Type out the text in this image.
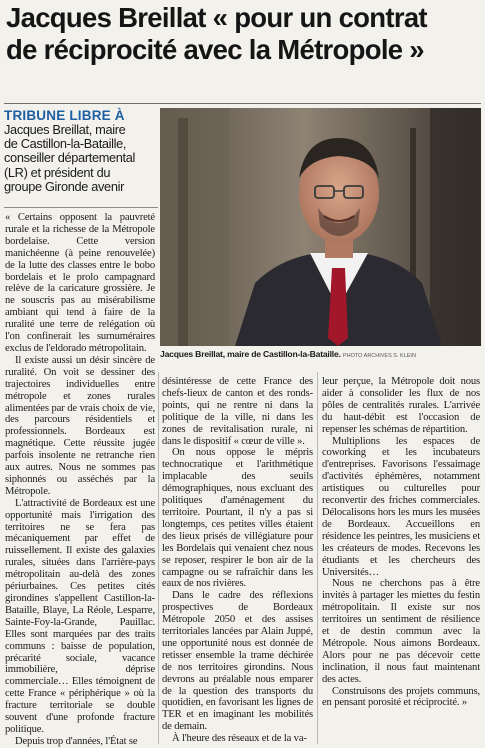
Jacques Breillat « pour un contrat
de réciprocité avec la Métropole »
TRIBUNE LIBRE À
Jacques Breillat, maire
de Castillon-la-Bataille,
conseiller départemental
(LR) et président du
groupe Gironde avenir
Jacques Breillat, maire de Castillon-la-Bataille. PHOTO ARCHIVES S. KLEIN

« Certains opposent la pauvreté rurale et la richesse de la Métropole bordelaise. Cette version manichéenne (à peine renouvelée) de la lutte des classes entre le bobo bordelais et le prolo campagnard relève de la caricature grossière. Je ne souscris pas au misérabilisme ambiant qui tend à faire de la ruralité une terre de relégation où l'on confinerait les surnuméraires exclus de l'eldorado métropolitain.

Il existe aussi un désir sincère de ruralité. On voit se dessiner des trajectoires individuelles entre métropole et zones rurales alimentées par de vrais choix de vie, des parcours résidentiels et professionnels. Bordeaux est magnétique. Cette réussite jugée parfois insolente ne retranche rien aux autres. Nous ne sommes pas siphonnés ou asséchés par la Métropole.

L'attractivité de Bordeaux est une opportunité mais l'irrigation des territoires ne se fera pas mécaniquement par effet de ruissellement. Il existe des galaxies rurales, situées dans l'arrière-pays métropolitain au-delà des zones périurbaines. Ces petites cités girondines s'appellent Castillon-la-Bataille, Blaye, La Réole, Lesparre, Sainte-Foy-la-Grande, Pauillac. Elles sont marquées par des traits communs : baisse de population, précarité sociale, vacance immobilière, déprise commerciale… Elles témoignent de cette France « périphérique » où la fracture territoriale se double souvent d'une profonde fracture politique.

Depuis trop d'années, l'État se

désintéresse de cette France des chefs-lieux de canton et des ronds-points, qui ne rentre ni dans la politique de la ville, ni dans les zones de revitalisation rurale, ni dans le dispositif « cœur de ville ».

On nous oppose le mépris technocratique et l'arithmétique implacable des seuils démographiques, nous excluant des politiques d'aménagement du territoire. Pourtant, il n'y a pas si longtemps, ces petites villes étaient des lieux prisés de villégiature pour les Bordelais qui venaient chez nous se reposer, respirer le bon air de la campagne ou se rafraîchir dans les eaux de nos rivières.

Dans le cadre des réflexions prospectives de Bordeaux Métropole 2050 et des assises territoriales lancées par Alain Juppé, une opportunité nous est donnée de retisser ensemble la trame déchirée de nos territoires girondins. Nous devrons au préalable nous emparer de la question des transports du quotidien, en favorisant les lignes de TER et en imaginant les mobilités de demain.

À l'heure des réseaux et de la va-

leur perçue, la Métropole doit nous aider à consolider les flux de nos pôles de centralités rurales. L'arrivée du haut-débit est l'occasion de repenser les schémas de répartition.

Multiplions les espaces de coworking et les incubateurs d'entreprises. Favorisons l'essaimage d'activités éphémères, notamment artistiques ou culturelles pour reconvertir des friches commerciales. Délocalisons hors les murs les musées de Bordeaux. Accueillons en résidence les peintres, les musiciens et les créateurs de modes. Recevons les étudiants et les chercheurs des Universités…

Nous ne cherchons pas à être invités à partager les miettes du festin métropolitain. Il existe sur nos territoires un sentiment de résilience et de destin commun avec la Métropole. Nous aimons Bordeaux. Alors pour ne pas décevoir cette inclination, il nous faut maintenant des actes.

Construisons des projets communs, en pensant porosité et réciprocité. »
